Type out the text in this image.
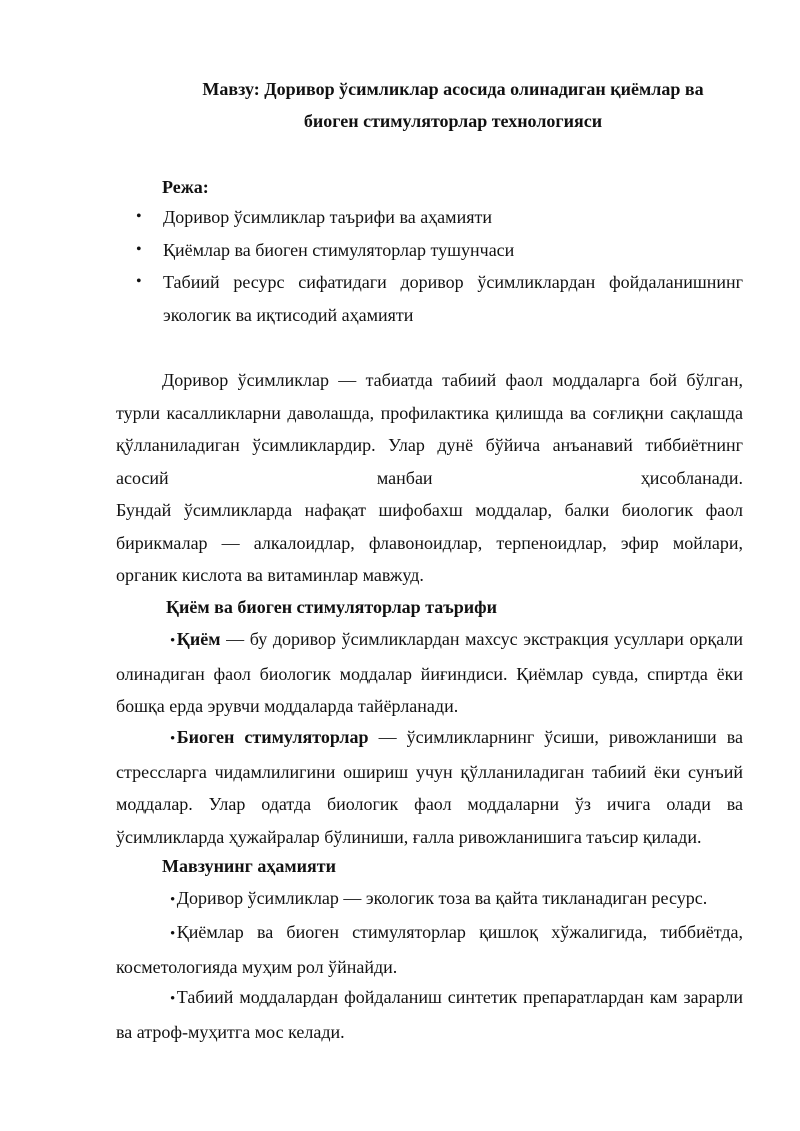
Мавзу: Доривор ўсимликлар асосида олинадиган қиёмлар ва
биоген стимуляторлар технологияси
Режа:
• Доривор ўсимликлар таърифи ва аҳамияти
• Қиёмлар ва биоген стимуляторлар тушунчаси
• Табиий ресурс сифатидаги доривор ўсимликлардан фойдаланишнинг экологик ва иқтисодий аҳамияти

Доривор ўсимликлар — табиатда табиий фаол моддаларга бой бўлган, турли касалликларни даволашда, профилактика қилишда ва соғлиқни сақлашда қўлланиладиган ўсимликлардир. Улар дунё бўйича анъанавий тиббиётнинг асосий манбаи ҳисобланади.

Бундай ўсимликларда нафақат шифобахш моддалар, балки биологик фаол бирикмалар — алкалоидлар, флавоноидлар, терпеноидлар, эфир мойлари, органик кислота ва витаминлар мавжуд.

Қиём ва биоген стимуляторлар таърифи

• Қиём — бу доривор ўсимликлардан махсус экстракция усуллари орқали олинадиган фаол биологик моддалар йиғиндиси. Қиёмлар сувда, спиртда ёки бошқа ерда эрувчи моддаларда тайёрланади.

• Биоген стимуляторлар — ўсимликларнинг ўсиши, ривожланиши ва стрессларга чидамлилигини ошириш учун қўлланиладиган табиий ёки сунъий моддалар. Улар одатда биологик фаол моддаларни ўз ичига олади ва ўсимликларда ҳужайралар бўлиниши, ғалла ривожланишига таъсир қилади.

Мавзунинг аҳамияти

• Доривор ўсимликлар — экологик тоза ва қайта тикланадиган ресурс.

• Қиёмлар ва биоген стимуляторлар қишлоқ хўжалигида, тиббиётда, косметологияда муҳим рол ўйнайди.

• Табиий моддалардан фойдаланиш синтетик препаратлардан кам зарарли ва атроф-муҳитга мос келади.
